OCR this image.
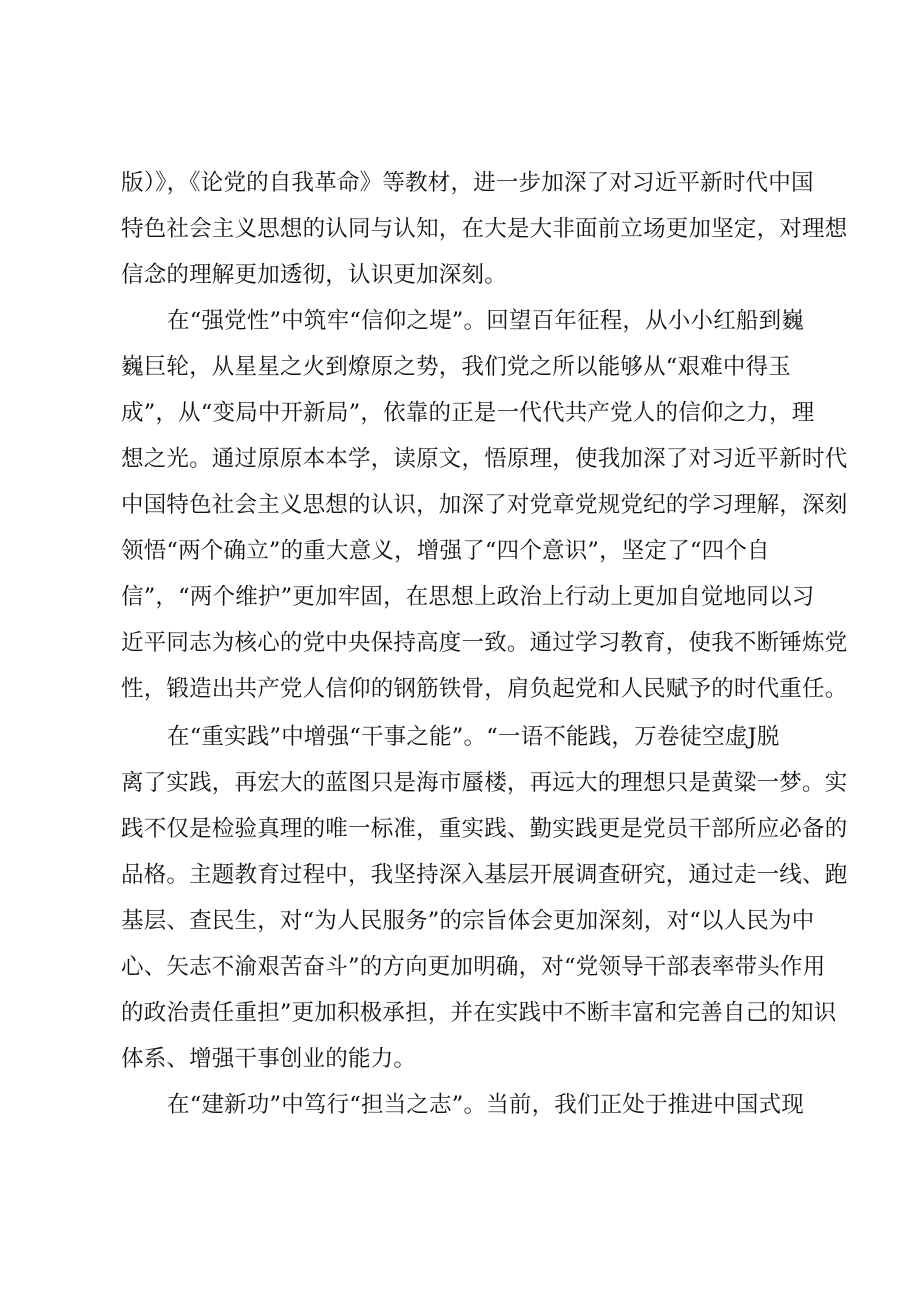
版）》，《论党的自我革命》等教材，进一步加深了对习近平新时代中国

特色社会主义思想的认同与认知，在大是大非面前立场更加坚定，对理想

信念的理解更加透彻，认识更加深刻。

在“强党性”中筑牢“信仰之堤”。回望百年征程，从小小红船到巍

巍巨轮，从星星之火到燎原之势，我们党之所以能够从“艰难中得玉

成”，从“变局中开新局”，依靠的正是一代代共产党人的信仰之力，理

想之光。通过原原本本学，读原文，悟原理，使我加深了对习近平新时代

中国特色社会主义思想的认识，加深了对党章党规党纪的学习理解，深刻

领悟“两个确立”的重大意义，增强了“四个意识”，坚定了“四个自

信”，“两个维护”更加牢固，在思想上政治上行动上更加自觉地同以习

近平同志为核心的党中央保持高度一致。通过学习教育，使我不断锤炼党

性，锻造出共产党人信仰的钢筋铁骨，肩负起党和人民赋予的时代重任。

在“重实践”中增强“干事之能”。“一语不能践，万卷徒空虚J脱

离了实践，再宏大的蓝图只是海市蜃楼，再远大的理想只是黄粱一梦。实

践不仅是检验真理的唯一标准，重实践、勤实践更是党员干部所应必备的

品格。主题教育过程中，我坚持深入基层开展调查研究，通过走一线、跑

基层、查民生，对“为人民服务”的宗旨体会更加深刻，对“以人民为中

心、矢志不渝艰苦奋斗”的方向更加明确，对“党领导干部表率带头作用

的政治责任重担”更加积极承担，并在实践中不断丰富和完善自己的知识

体系、增强干事创业的能力。

在“建新功”中笃行“担当之志”。当前，我们正处于推进中国式现
